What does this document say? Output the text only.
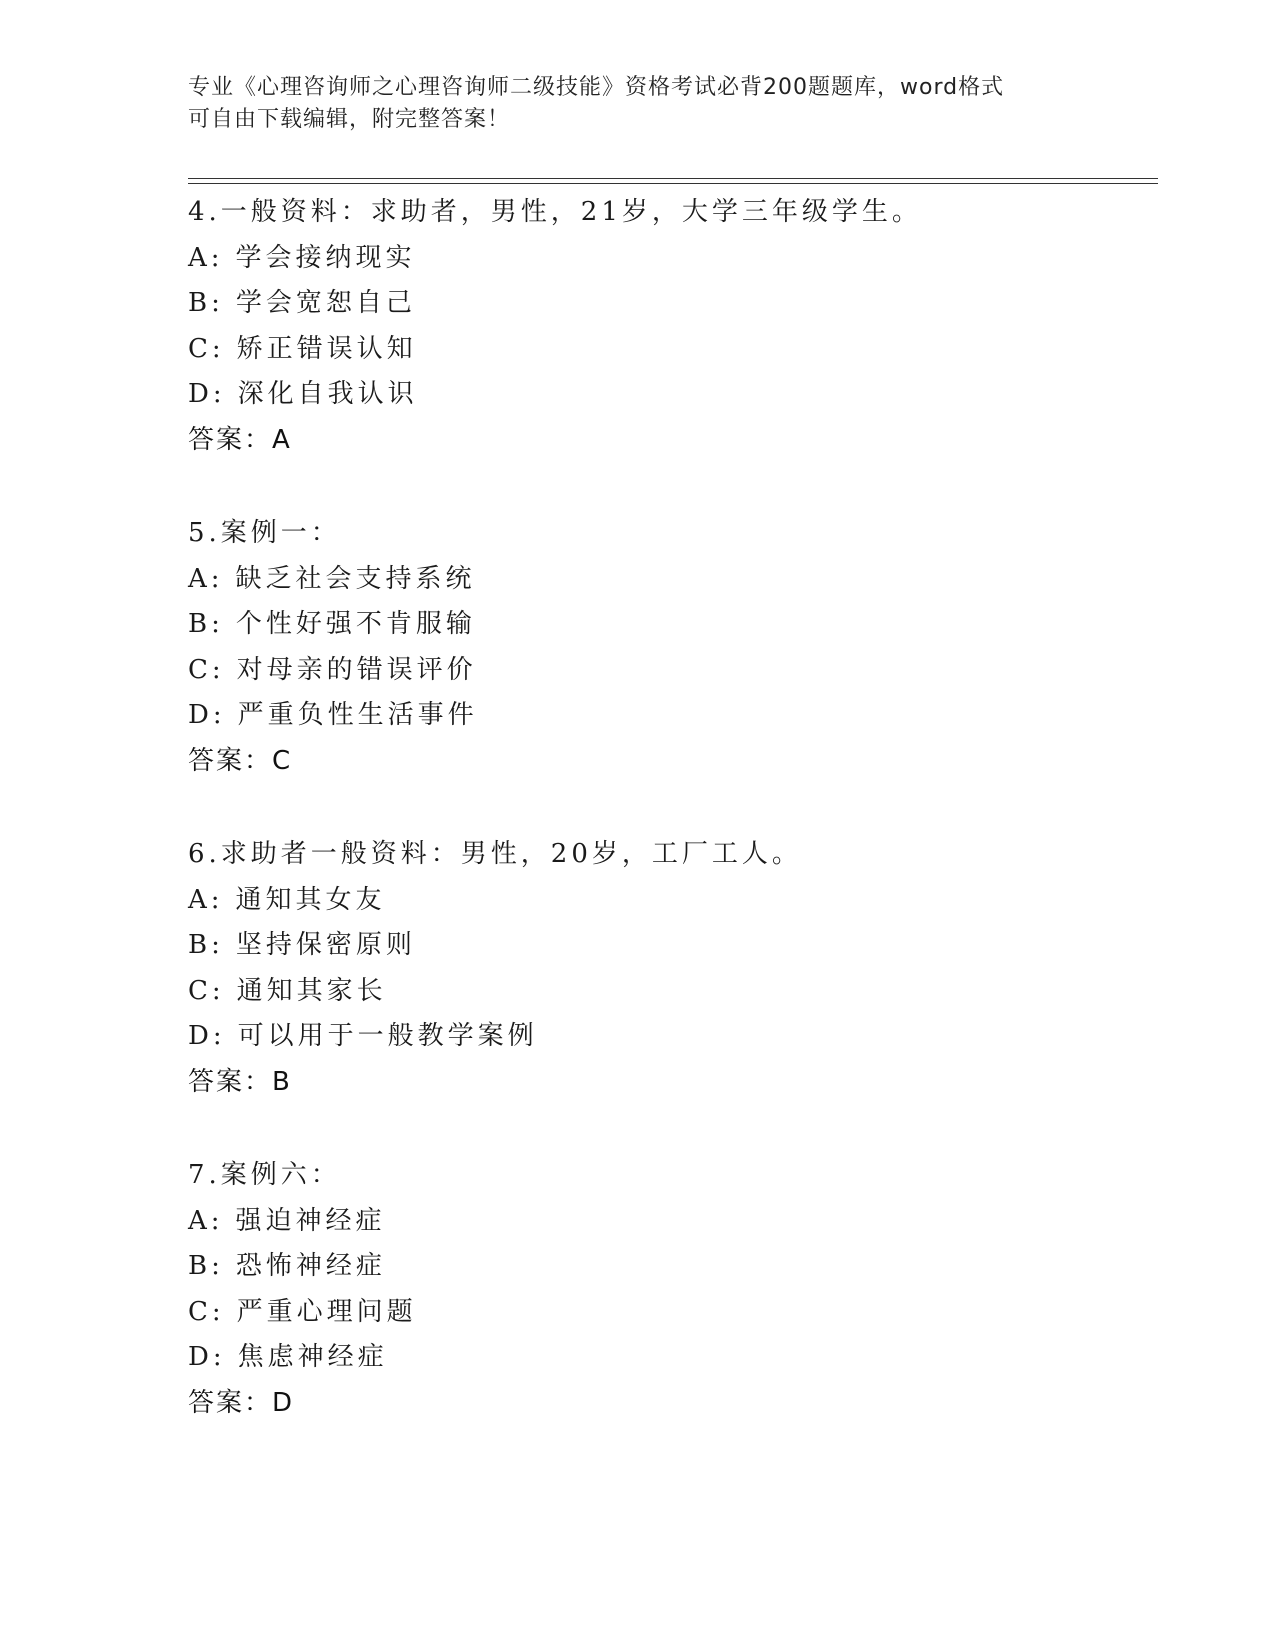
专业《心理咨询师之心理咨询师二级技能》资格考试必背200题题库，word格式
可自由下载编辑，附完整答案！
4.一般资料：求助者，男性，21岁，大学三年级学生。
A: 学会接纳现实
B: 学会宽恕自己
C: 矫正错误认知
D: 深化自我认识
答案：A
5.案例一：
A: 缺乏社会支持系统
B: 个性好强不肯服输
C: 对母亲的错误评价
D: 严重负性生活事件
答案：C
6.求助者一般资料：男性，20岁，工厂工人。
A: 通知其女友
B: 坚持保密原则
C: 通知其家长
D: 可以用于一般教学案例
答案：B
7.案例六：
A: 强迫神经症
B: 恐怖神经症
C: 严重心理问题
D: 焦虑神经症
答案：D
